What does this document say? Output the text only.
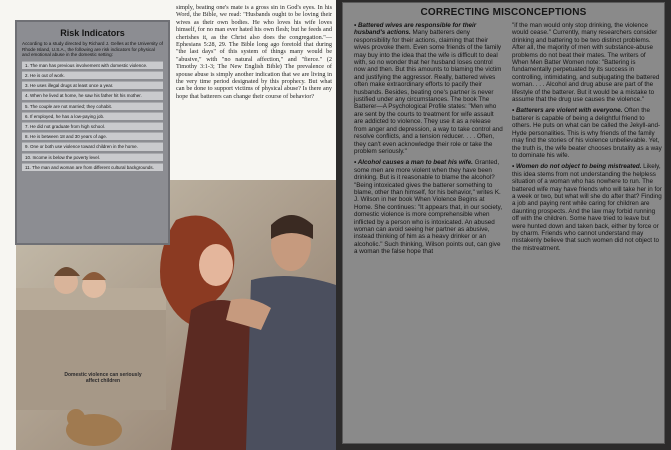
simply, beating one's mate is a gross sin in God's eyes. In his Word, the Bible, we read: "Husbands ought to be loving their wives as their own bodies. He who loves his wife loves himself, for no man ever hated his own flesh; but he feeds and cherishes it, as the Christ also does the congregation."—Ephesians 5:28, 29. The Bible long ago foretold that during "the last days" of this system of things many would be "abusive," with "no natural affection," and "fierce." (2 Timothy 3:1-3; The New English Bible) The prevalence of spouse abuse is simply another indication that we are living in the very time period designated by this prophecy. But what can be done to support victims of physical abuse? Is there any hope that batterers can change their course of behavior?

Risk Indicators
According to a study directed by Richard J. Gelles at the University of Rhode Island, U.S.A., the following are risk indicators for physical and emotional abuse in the domestic setting:
1. The man has previous involvement with domestic violence.
2. He is out of work.
3. He uses illegal drugs at least once a year.
4. When he lived at home, he saw his father hit his mother.
5. The couple are not married; they cohabit.
6. If employed, he has a low-paying job.
7. He did not graduate from high school.
8. He is between 18 and 30 years of age.
9. One or both use violence toward children in the home.
10. Income is below the poverty level.
11. The man and woman are from different cultural backgrounds.
Domestic violence can seriously affect children
CORRECTING MISCONCEPTIONS

• Battered wives are responsible for their husband's actions. Many batterers deny responsibility for their actions, claiming that their wives provoke them. Even some friends of the family may buy into the idea that the wife is difficult to deal with, so no wonder that her husband loses control now and then. But this amounts to blaming the victim and justifying the aggressor. Really, battered wives often make extraordinary efforts to pacify their husbands. Besides, beating one's partner is never justified under any circumstances. The book The Batterer—A Psychological Profile states: "Men who are sent by the courts to treatment for wife assault are addicted to violence. They use it as a release from anger and depression, a way to take control and resolve conflicts, and a tension reducer. . . . Often, they can't even acknowledge their role or take the problem seriously."

• Alcohol causes a man to beat his wife. Granted, some men are more violent when they have been drinking. But is it reasonable to blame the alcohol? "Being intoxicated gives the batterer something to blame, other than himself, for his behavior," writes K. J. Wilson in her book When Violence Begins at Home. She continues: "It appears that, in our society, domestic violence is more comprehensible when inflicted by a person who is intoxicated. An abused woman can avoid seeing her partner as abusive, instead thinking of him as a heavy drinker or an alcoholic." Such thinking, Wilson points out, can give a woman the false hope that

"if the man would only stop drinking, the violence would cease." Currently, many researchers consider drinking and battering to be two distinct problems. After all, the majority of men with substance-abuse problems do not beat their mates. The writers of When Men Batter Women note: "Battering is fundamentally perpetuated by its success in controlling, intimidating, and subjugating the battered woman. . . . Alcohol and drug abuse are part of the lifestyle of the batterer. But it would be a mistake to assume that the drug use causes the violence."

• Batterers are violent with everyone. Often the batterer is capable of being a delightful friend to others. He puts on what can be called the Jekyll-and-Hyde personalities. This is why friends of the family may find the stories of his violence unbelievable. Yet, the truth is, the wife beater chooses brutality as a way to dominate his wife.

• Women do not object to being mistreated. Likely, this idea stems from not understanding the helpless situation of a woman who has nowhere to run. The battered wife may have friends who will take her in for a week or two, but what will she do after that? Finding a job and paying rent while caring for children are daunting prospects. And the law may forbid running off with the children. Some have tried to leave but were hunted down and taken back, either by force or by charm. Friends who cannot understand may mistakenly believe that such women did not object to the mistreatment.
